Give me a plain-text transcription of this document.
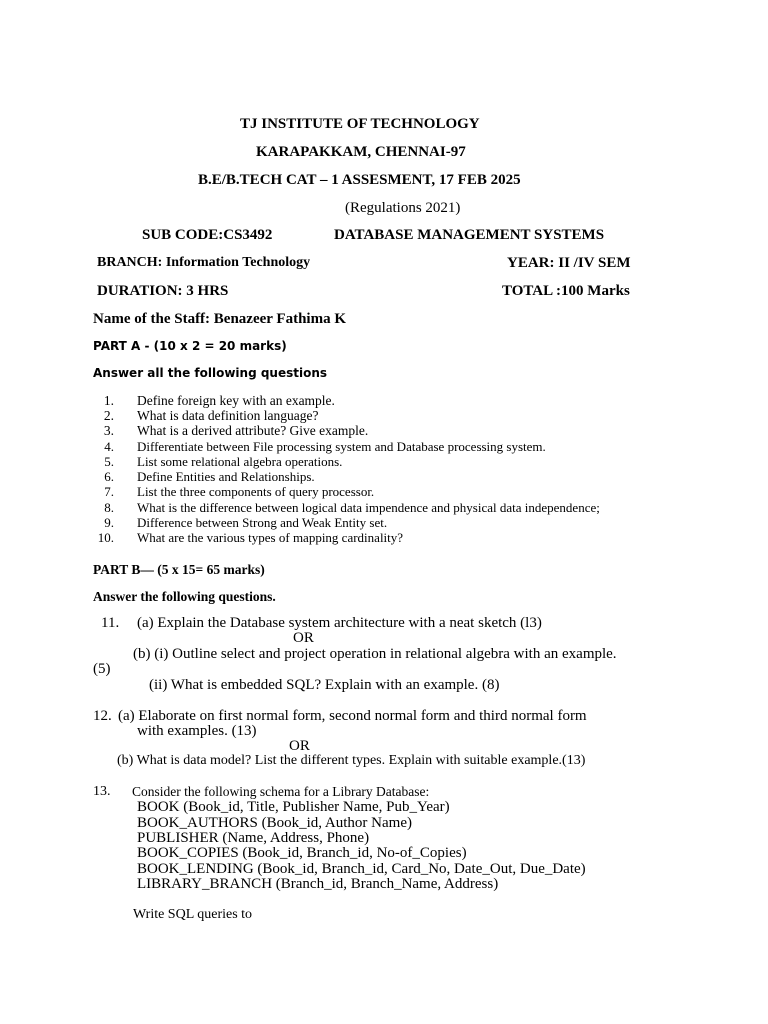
TJ INSTITUTE OF TECHNOLOGY
KARAPAKKAM, CHENNAI-97
B.E/B.TECH CAT – 1 ASSESMENT, 17 FEB 2025
(Regulations 2021)
SUB CODE:CS3492	DATABASE MANAGEMENT SYSTEMS
BRANCH: Information Technology	YEAR: II /IV SEM
DURATION: 3 HRS	TOTAL :100 Marks
Name of the Staff: Benazeer Fathima K
PART A - (10 x 2 = 20 marks)
Answer all the following questions
1. Define foreign key with an example.
2. What is data definition language?
3. What is a derived attribute? Give example.
4. Differentiate between File processing system and Database processing system.
5. List some relational algebra operations.
6. Define Entities and Relationships.
7. List the three components of query processor.
8. What is the difference between logical data impendence and physical data independence;
9. Difference between Strong and Weak Entity set.
10. What are the various types of mapping cardinality?
PART B— (5 x 15= 65 marks)
Answer the following questions.
11. (a) Explain the Database system architecture with a neat sketch (l3)
OR
(b) (i) Outline select and project operation in relational algebra with an example.
(5)
(ii) What is embedded SQL? Explain with an example. (8)
12. (a) Elaborate on first normal form, second normal form and third normal form
with examples. (13)
OR
(b) What is data model? List the different types. Explain with suitable example.(13)
13. Consider the following schema for a Library Database:
BOOK (Book_id, Title, Publisher Name, Pub_Year)
BOOK_AUTHORS (Book_id, Author Name)
PUBLISHER (Name, Address, Phone)
BOOK_COPIES (Book_id, Branch_id, No-of_Copies)
BOOK_LENDING (Book_id, Branch_id, Card_No, Date_Out, Due_Date)
LIBRARY_BRANCH (Branch_id, Branch_Name, Address)
Write SQL queries to
